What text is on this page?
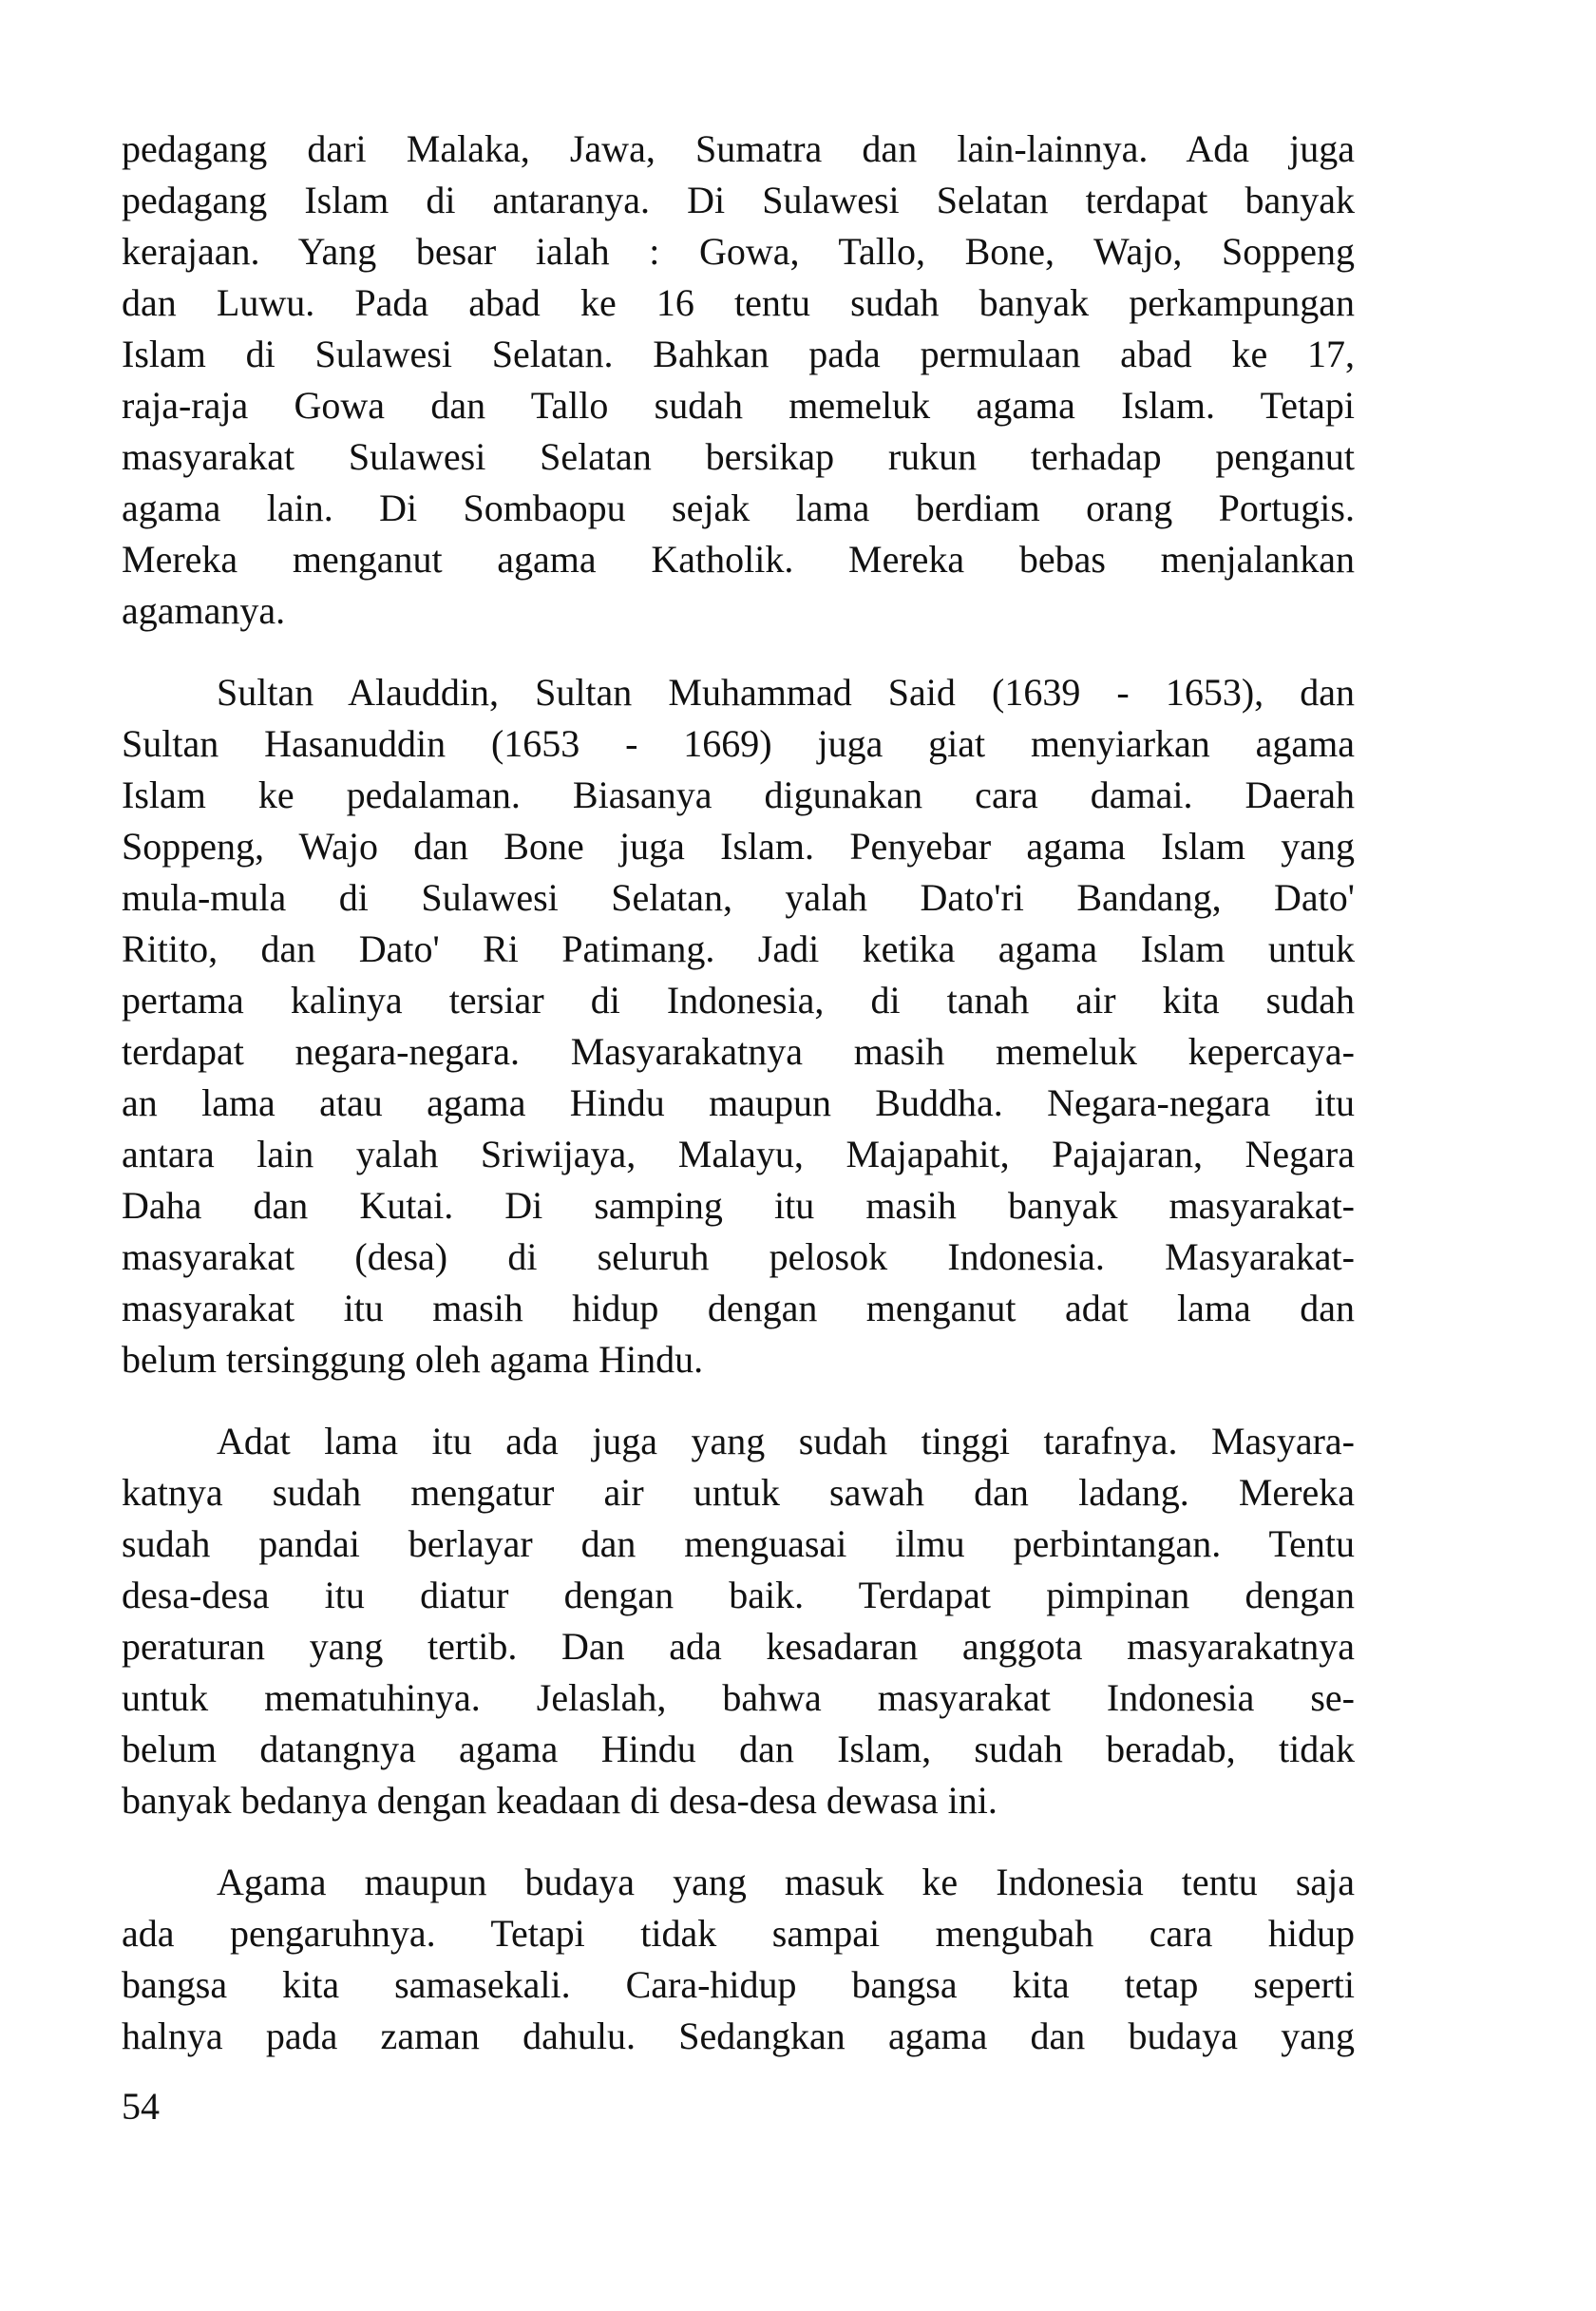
pedagang dari Malaka, Jawa, Sumatra dan lain-lainnya. Ada juga
pedagang Islam di antaranya. Di Sulawesi Selatan terdapat banyak
kerajaan. Yang besar ialah : Gowa, Tallo, Bone, Wajo, Soppeng
dan Luwu. Pada abad ke 16 tentu sudah banyak perkampungan
Islam di Sulawesi Selatan. Bahkan pada permulaan abad ke 17,
raja-raja Gowa dan Tallo sudah memeluk agama Islam. Tetapi
masyarakat Sulawesi Selatan bersikap rukun terhadap penganut
agama lain. Di Sombaopu sejak lama berdiam orang Portugis.
Mereka menganut agama Katholik. Mereka bebas menjalankan
agamanya.

Sultan Alauddin, Sultan Muhammad Said (1639 - 1653), dan
Sultan Hasanuddin (1653 - 1669) juga giat menyiarkan agama
Islam ke pedalaman. Biasanya digunakan cara damai. Daerah
Soppeng, Wajo dan Bone juga Islam. Penyebar agama Islam yang
mula-mula di Sulawesi Selatan, yalah Dato'ri Bandang, Dato'
Ritito, dan Dato' Ri Patimang. Jadi ketika agama Islam untuk
pertama kalinya tersiar di Indonesia, di tanah air kita sudah
terdapat negara-negara. Masyarakatnya masih memeluk kepercaya-
an lama atau agama Hindu maupun Buddha. Negara-negara itu
antara lain yalah Sriwijaya, Malayu, Majapahit, Pajajaran, Negara
Daha dan Kutai. Di samping itu masih banyak masyarakat-
masyarakat (desa) di seluruh pelosok Indonesia. Masyarakat-
masyarakat itu masih hidup dengan menganut adat lama dan
belum tersinggung oleh agama Hindu.

Adat lama itu ada juga yang sudah tinggi tarafnya. Masyara-
katnya sudah mengatur air untuk sawah dan ladang. Mereka
sudah pandai berlayar dan menguasai ilmu perbintangan. Tentu
desa-desa itu diatur dengan baik. Terdapat pimpinan dengan
peraturan yang tertib. Dan ada kesadaran anggota masyarakatnya
untuk mematuhinya. Jelaslah, bahwa masyarakat Indonesia se-
belum datangnya agama Hindu dan Islam, sudah beradab, tidak
banyak bedanya dengan keadaan di desa-desa dewasa ini.

Agama maupun budaya yang masuk ke Indonesia tentu saja
ada pengaruhnya. Tetapi tidak sampai mengubah cara hidup
bangsa kita samasekali. Cara-hidup bangsa kita tetap seperti
halnya pada zaman dahulu. Sedangkan agama dan budaya yang

54
